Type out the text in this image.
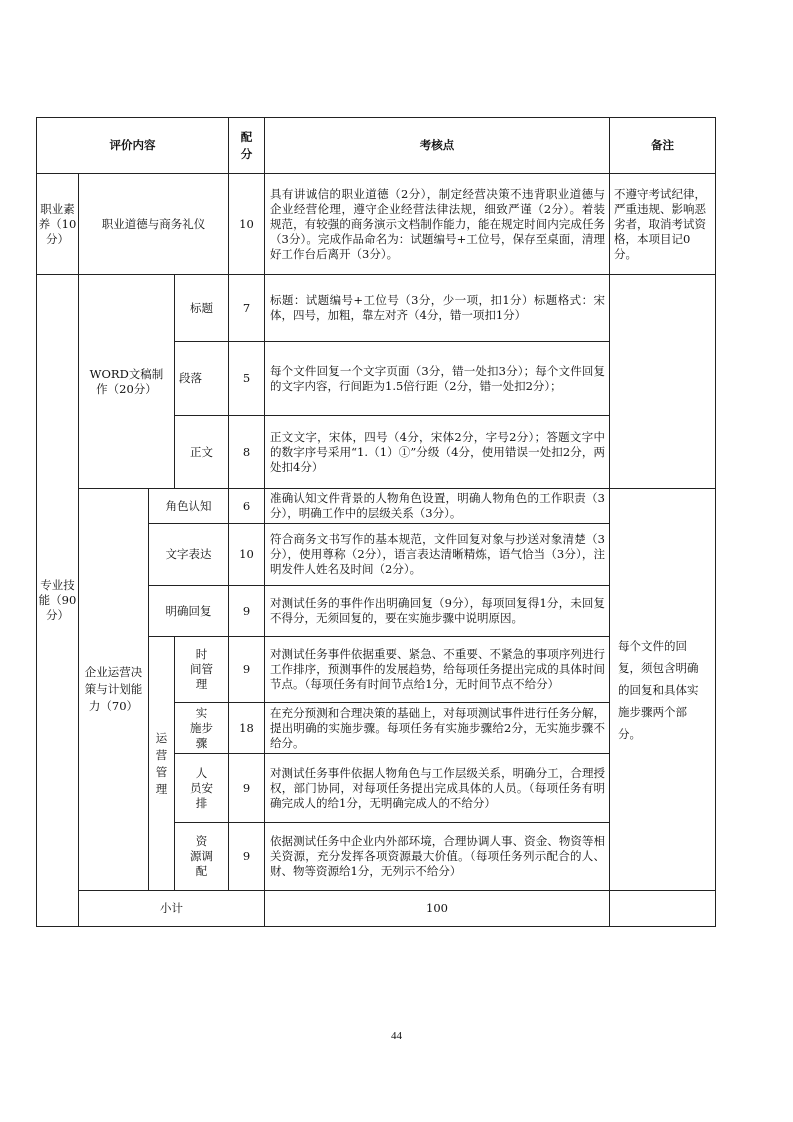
评价内容				配分	考核点	备注	
职业素养（10分）	职业道德与商务礼仪			10	具有讲诚信的职业道德（2分），制定经营决策不违背职业道德与企业经营伦理，遵守企业经营法律法规，细致严谨（2分）。着装规范，有较强的商务演示文档制作能力，能在规定时间内完成任务（3分）。完成作品命名为：试题编号+工位号，保存至桌面，清理好工作台后离开（3分）。	不遵守考试纪律，严重违规、影响恶劣者，取消考试资格，本项目记0分。	
专业技能（90分）	WORD文稿制作（20分）		标题	7	标题：试题编号+工位号（3分，少一项，扣1分）标题格式：宋体，四号，加粗，靠左对齐（4分，错一项扣1分）		
			段落	5	每个文件回复一个文字页面（3分，错一处扣3分）；每个文件回复的文字内容，行间距为1.5倍行距（2分，错一处扣2分）；		
			正文	8	正文文字，宋体，四号（4分，宋体2分，字号2分）；答题文字中的数字序号采用“1.（1）①”分级（4分，使用错误一处扣2分，两处扣4分）		
	企业运营决策与计划能力（70）	角色认知		6	准确认知文件背景的人物角色设置，明确人物角色的工作职责（3分），明确工作中的层级关系（3分）。	每个文件的回复，须包含明确的回复和具体实施步骤两个部分。	
		文字表达		10	符合商务文书写作的基本规范，文件回复对象与抄送对象清楚（3分），使用尊称（2分），语言表达清晰精炼，语气恰当（3分），注明发件人姓名及时间（2分）。		
		明确回复		9	对测试任务的事件作出明确回复（9分），每项回复得1分，未回复不得分，无须回复的，要在实施步骤中说明原因。		
		运营管理	时　间管理	9	对测试任务事件依据重要、紧急、不重要、不紧急的事项序列进行工作排序，预测事件的发展趋势，给每项任务提出完成的具体时间节点。（每项任务有时间节点给1分，无时间节点不给分）		
			实　施步骤	18	在充分预测和合理决策的基础上，对每项测试事件进行任务分解，提出明确的实施步骤。每项任务有实施步骤给2分，无实施步骤不给分。		
			人　员安排	9	对测试任务事件依据人物角色与工作层级关系，明确分工，合理授权，部门协同，对每项任务提出完成具体的人员。（每项任务有明确完成人的给1分，无明确完成人的不给分）		
			资　源调配	9	依据测试任务中企业内外部环境，合理协调人事、资金、物资等相关资源，充分发挥各项资源最大价值。（每项任务列示配合的人、财、物等资源给1分，无列示不给分）		
	小计				100		
44
